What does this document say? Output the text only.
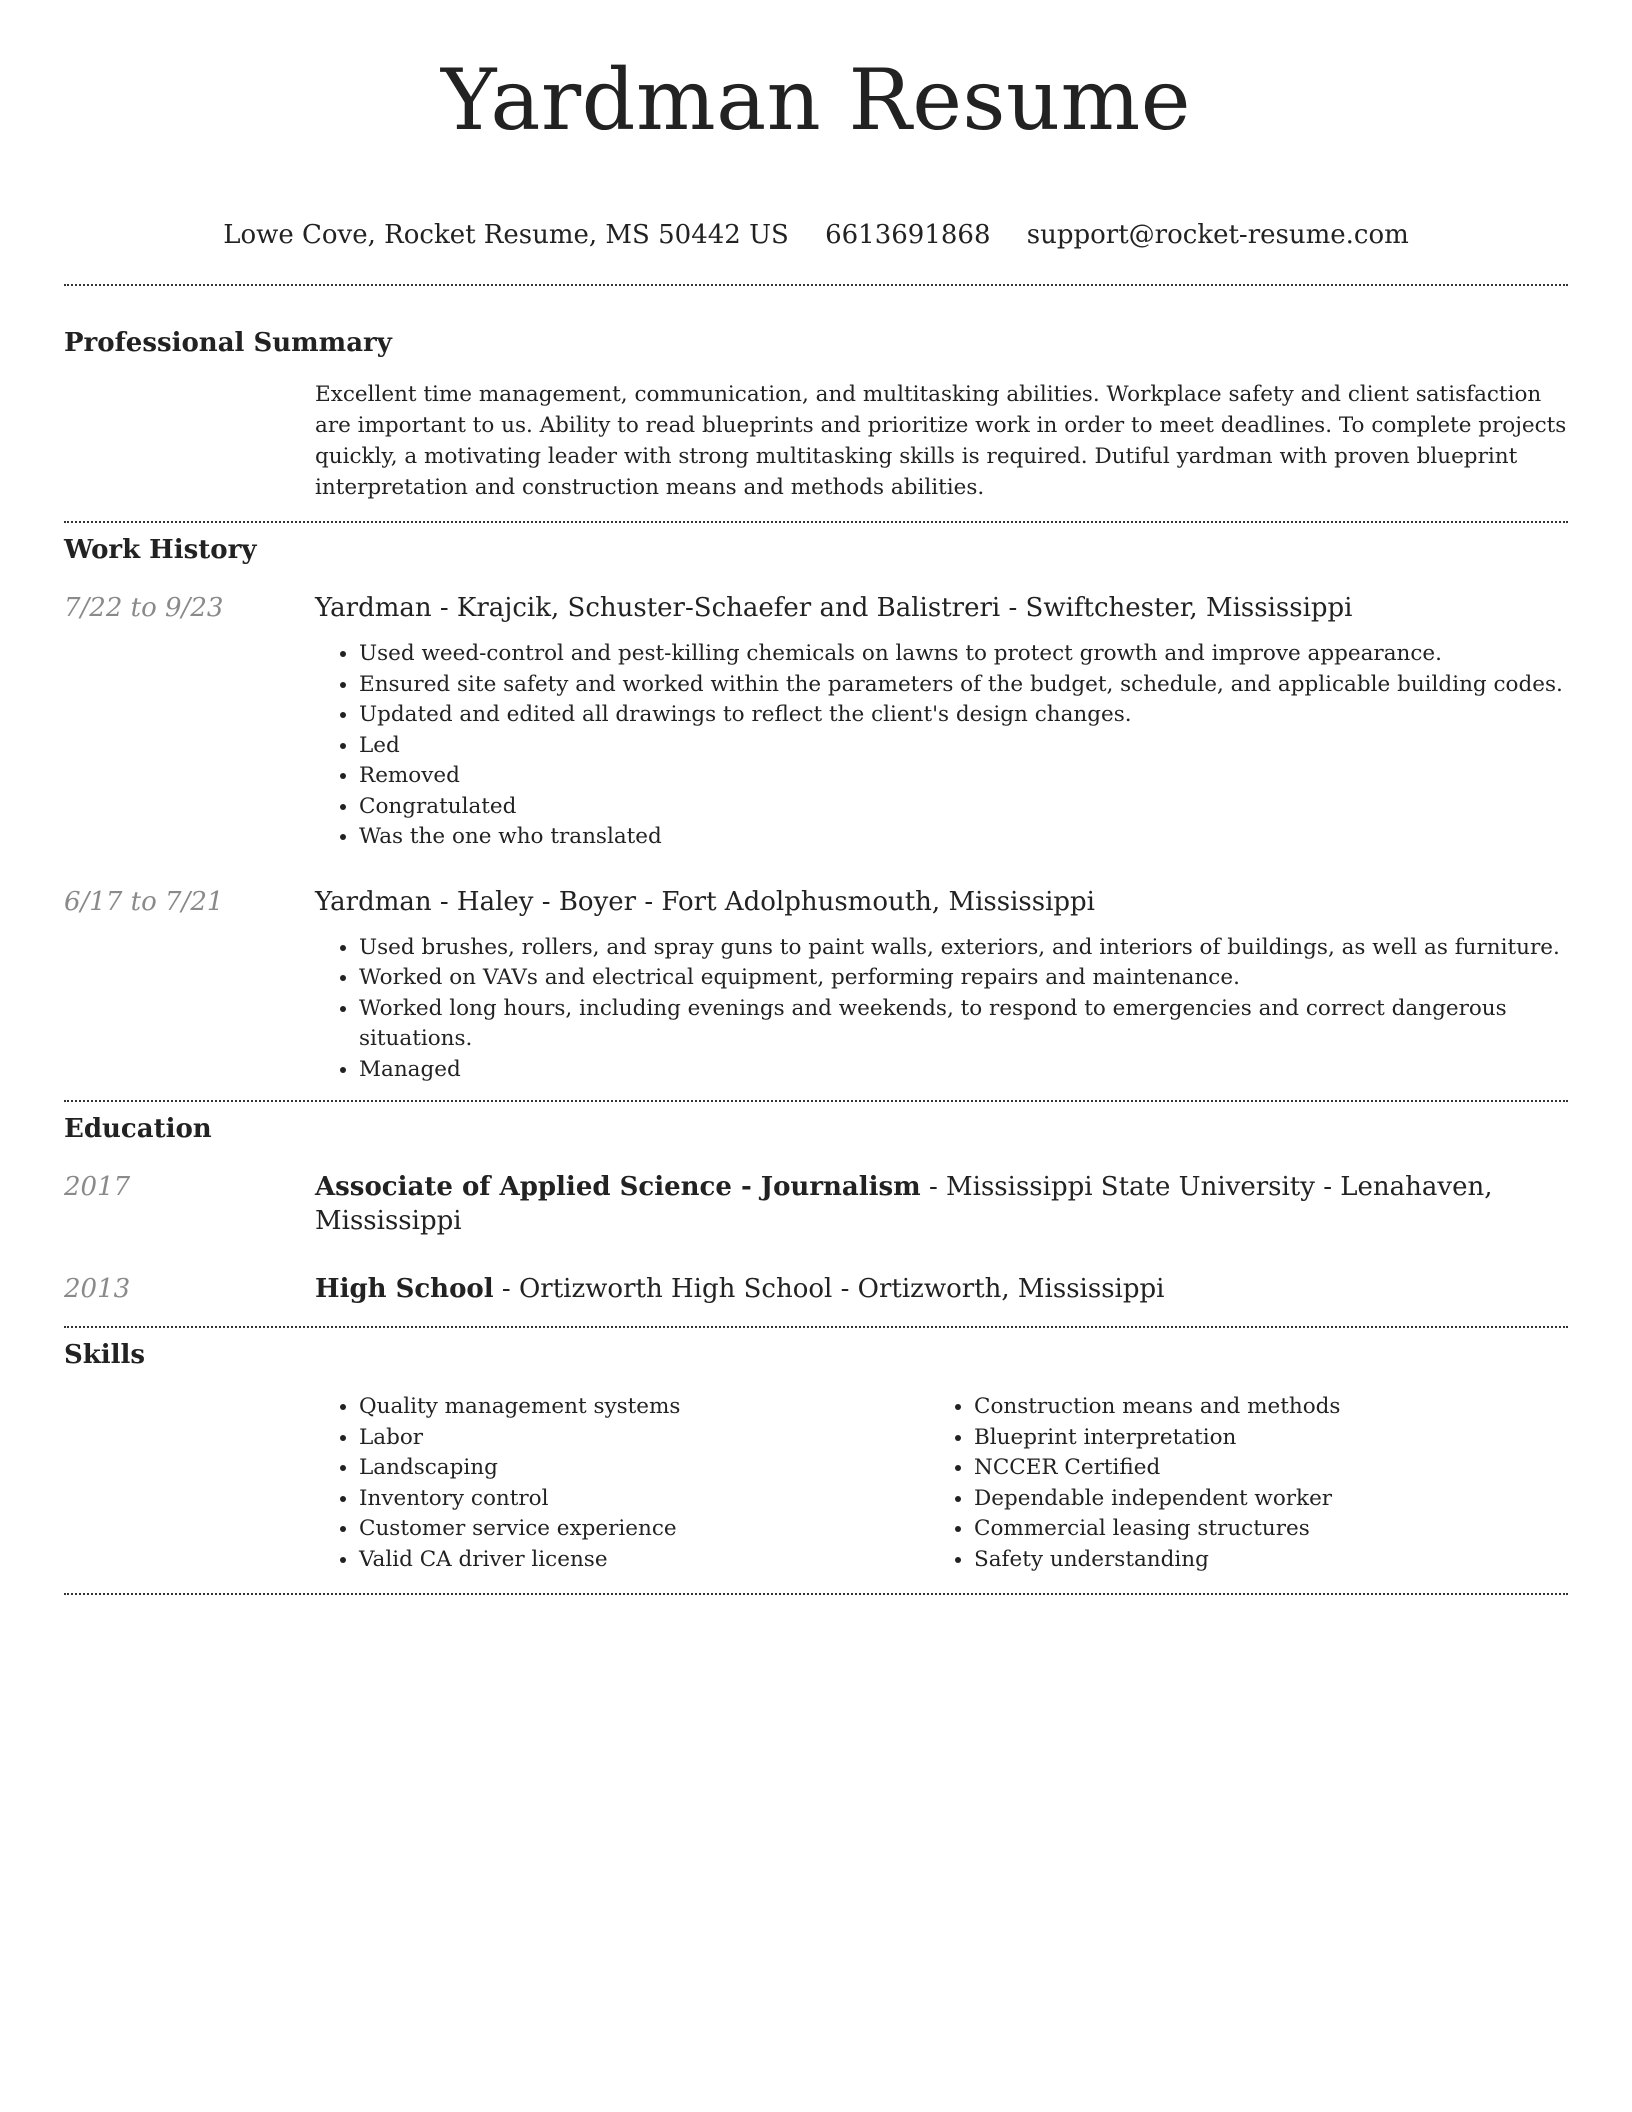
Yardman Resume
Lowe Cove, Rocket Resume, MS 50442 US 6613691868 support@rocket-resume.com
Professional Summary

Excellent time management, communication, and multitasking abilities. Workplace safety and client satisfaction are important to us. Ability to read blueprints and prioritize work in order to meet deadlines. To complete projects quickly, a motivating leader with strong multitasking skills is required. Dutiful yardman with proven blueprint interpretation and construction means and methods abilities.

Work History
7/22 to 9/23	Yardman - Krajcik, Schuster-Schaefer and Balistreri - Swiftchester, Mississippi

• Used weed-control and pest-killing chemicals on lawns to protect growth and improve appearance.
• Ensured site safety and worked within the parameters of the budget, schedule, and applicable building codes.
• Updated and edited all drawings to reflect the client's design changes.
• Led
• Removed
• Congratulated
• Was the one who translated
6/17 to 7/21	Yardman - Haley - Boyer - Fort Adolphusmouth, Mississippi

• Used brushes, rollers, and spray guns to paint walls, exteriors, and interiors of buildings, as well as furniture.
• Worked on VAVs and electrical equipment, performing repairs and maintenance.
• Worked long hours, including evenings and weekends, to respond to emergencies and correct dangerous situations.
• Managed
Education
2017	Associate of Applied Science - Journalism - Mississippi State University - Lenahaven, Mississippi

2013	High School - Ortizworth High School - Ortizworth, Mississippi

Skills
• Quality management systems
• Labor
• Landscaping
• Inventory control
• Customer service experience
• Valid CA driver license
• Construction means and methods
• Blueprint interpretation
• NCCER Certified
• Dependable independent worker
• Commercial leasing structures
• Safety understanding
